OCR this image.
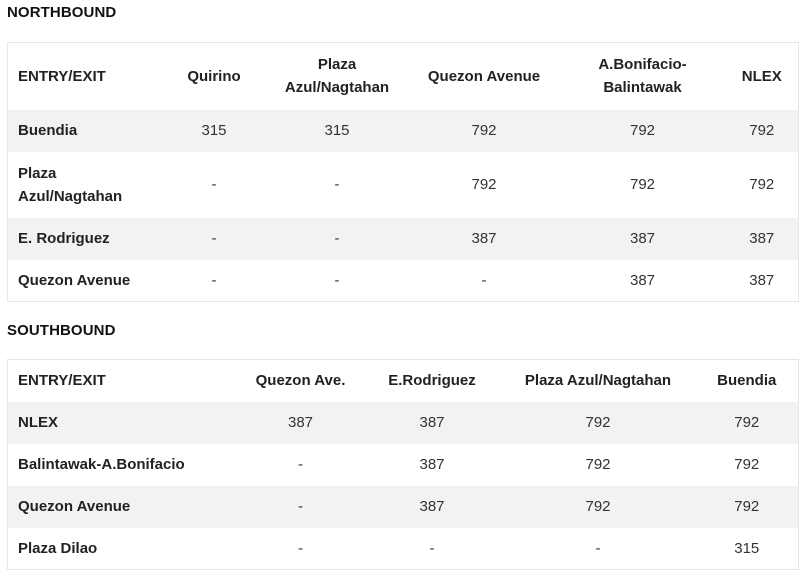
NORTHBOUND
ENTRY/EXIT	Quirino	Plaza Azul/Nagtahan	Quezon Avenue	A.Bonifacio-Balintawak	NLEX
Buendia	315	315	792	792	792
Plaza Azul/Nagtahan	-	-	792	792	792
E. Rodriguez	-	-	387	387	387
Quezon Avenue	-	-	-	387	387
SOUTHBOUND
ENTRY/EXIT	Quezon Ave.	E.Rodriguez	Plaza Azul/Nagtahan	Buendia
NLEX	387	387	792	792
Balintawak-A.Bonifacio	-	387	792	792
Quezon Avenue	-	387	792	792
Plaza Dilao	-	-	-	315
